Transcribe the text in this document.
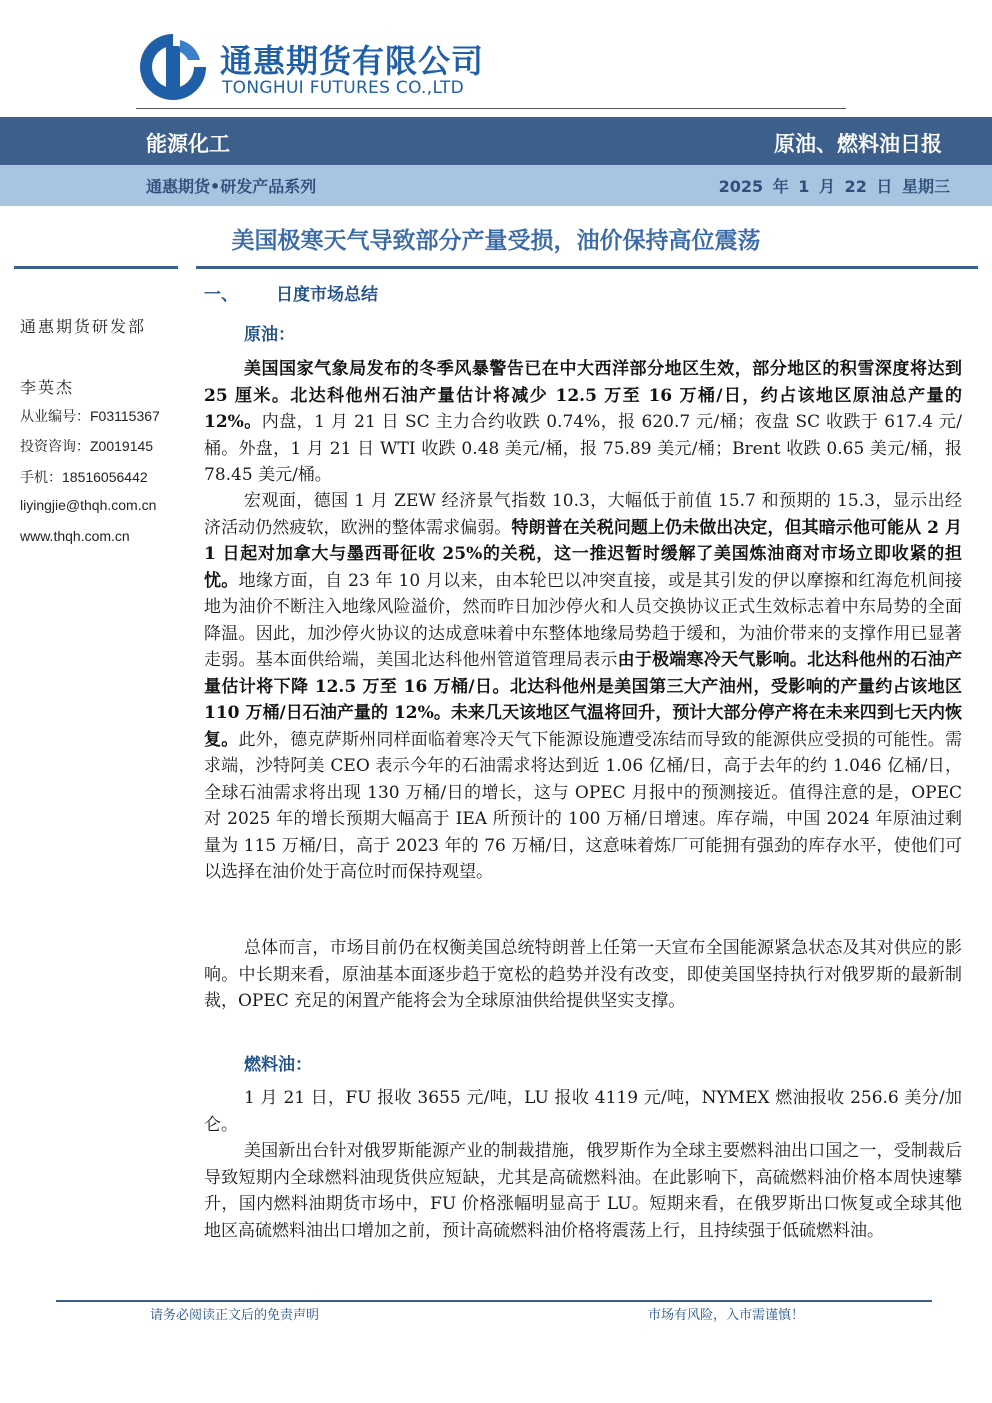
通惠期货有限公司
TONGHUI FUTURES CO.,LTD
能源化工	原油、燃料油日报
通惠期货•研发产品系列	2025 年 1 月 22 日 星期三
美国极寒天气导致部分产量受损，油价保持高位震荡
通惠期货研发部
李英杰
从业编号：F03115367
投资咨询：Z0019145
手机：18516056442
liyingjie@thqh.com.cn
www.thqh.com.cn
一、 日度市场总结
原油：

美国国家气象局发布的冬季风暴警告已在中大西洋部分地区生效，部分地区的积雪深度将达到 25 厘米。北达科他州石油产量估计将减少 12.5 万至 16 万桶/日，约占该地区原油总产量的 12%。内盘，1 月 21 日 SC 主力合约收跌 0.74%，报 620.7 元/桶；夜盘 SC 收跌于 617.4 元/桶。外盘，1 月 21 日 WTI 收跌 0.48 美元/桶，报 75.89 美元/桶；Brent 收跌 0.65 美元/桶，报 78.45 美元/桶。

宏观面，德国 1 月 ZEW 经济景气指数 10.3，大幅低于前值 15.7 和预期的 15.3，显示出经济活动仍然疲软，欧洲的整体需求偏弱。特朗普在关税问题上仍未做出决定，但其暗示他可能从 2 月 1 日起对加拿大与墨西哥征收 25%的关税，这一推迟暂时缓解了美国炼油商对市场立即收紧的担忧。地缘方面，自 23 年 10 月以来，由本轮巴以冲突直接，或是其引发的伊以摩擦和红海危机间接地为油价不断注入地缘风险溢价，然而昨日加沙停火和人员交换协议正式生效标志着中东局势的全面降温。因此，加沙停火协议的达成意味着中东整体地缘局势趋于缓和，为油价带来的支撑作用已显著走弱。基本面供给端，美国北达科他州管道管理局表示由于极端寒冷天气影响。北达科他州的石油产量估计将下降 12.5 万至 16 万桶/日。北达科他州是美国第三大产油州，受影响的产量约占该地区 110 万桶/日石油产量的 12%。未来几天该地区气温将回升，预计大部分停产将在未来四到七天内恢复。此外，德克萨斯州同样面临着寒冷天气下能源设施遭受冻结而导致的能源供应受损的可能性。需求端，沙特阿美 CEO 表示今年的石油需求将达到近 1.06 亿桶/日，高于去年的约 1.046 亿桶/日，全球石油需求将出现 130 万桶/日的增长，这与 OPEC 月报中的预测接近。值得注意的是，OPEC 对 2025 年的增长预期大幅高于 IEA 所预计的 100 万桶/日增速。库存端，中国 2024 年原油过剩量为 115 万桶/日，高于 2023 年的 76 万桶/日，这意味着炼厂可能拥有强劲的库存水平，使他们可以选择在油价处于高位时而保持观望。

总体而言，市场目前仍在权衡美国总统特朗普上任第一天宣布全国能源紧急状态及其对供应的影响。中长期来看，原油基本面逐步趋于宽松的趋势并没有改变，即使美国坚持执行对俄罗斯的最新制裁，OPEC 充足的闲置产能将会为全球原油供给提供坚实支撑。

燃料油：

1 月 21 日，FU 报收 3655 元/吨，LU 报收 4119 元/吨，NYMEX 燃油报收 256.6 美分/加仑。

美国新出台针对俄罗斯能源产业的制裁措施，俄罗斯作为全球主要燃料油出口国之一，受制裁后导致短期内全球燃料油现货供应短缺，尤其是高硫燃料油。在此影响下，高硫燃料油价格本周快速攀升，国内燃料油期货市场中，FU 价格涨幅明显高于 LU。短期来看，在俄罗斯出口恢复或全球其他地区高硫燃料油出口增加之前，预计高硫燃料油价格将震荡上行，且持续强于低硫燃料油。

请务必阅读正文后的免责声明	市场有风险，入市需谨慎！
